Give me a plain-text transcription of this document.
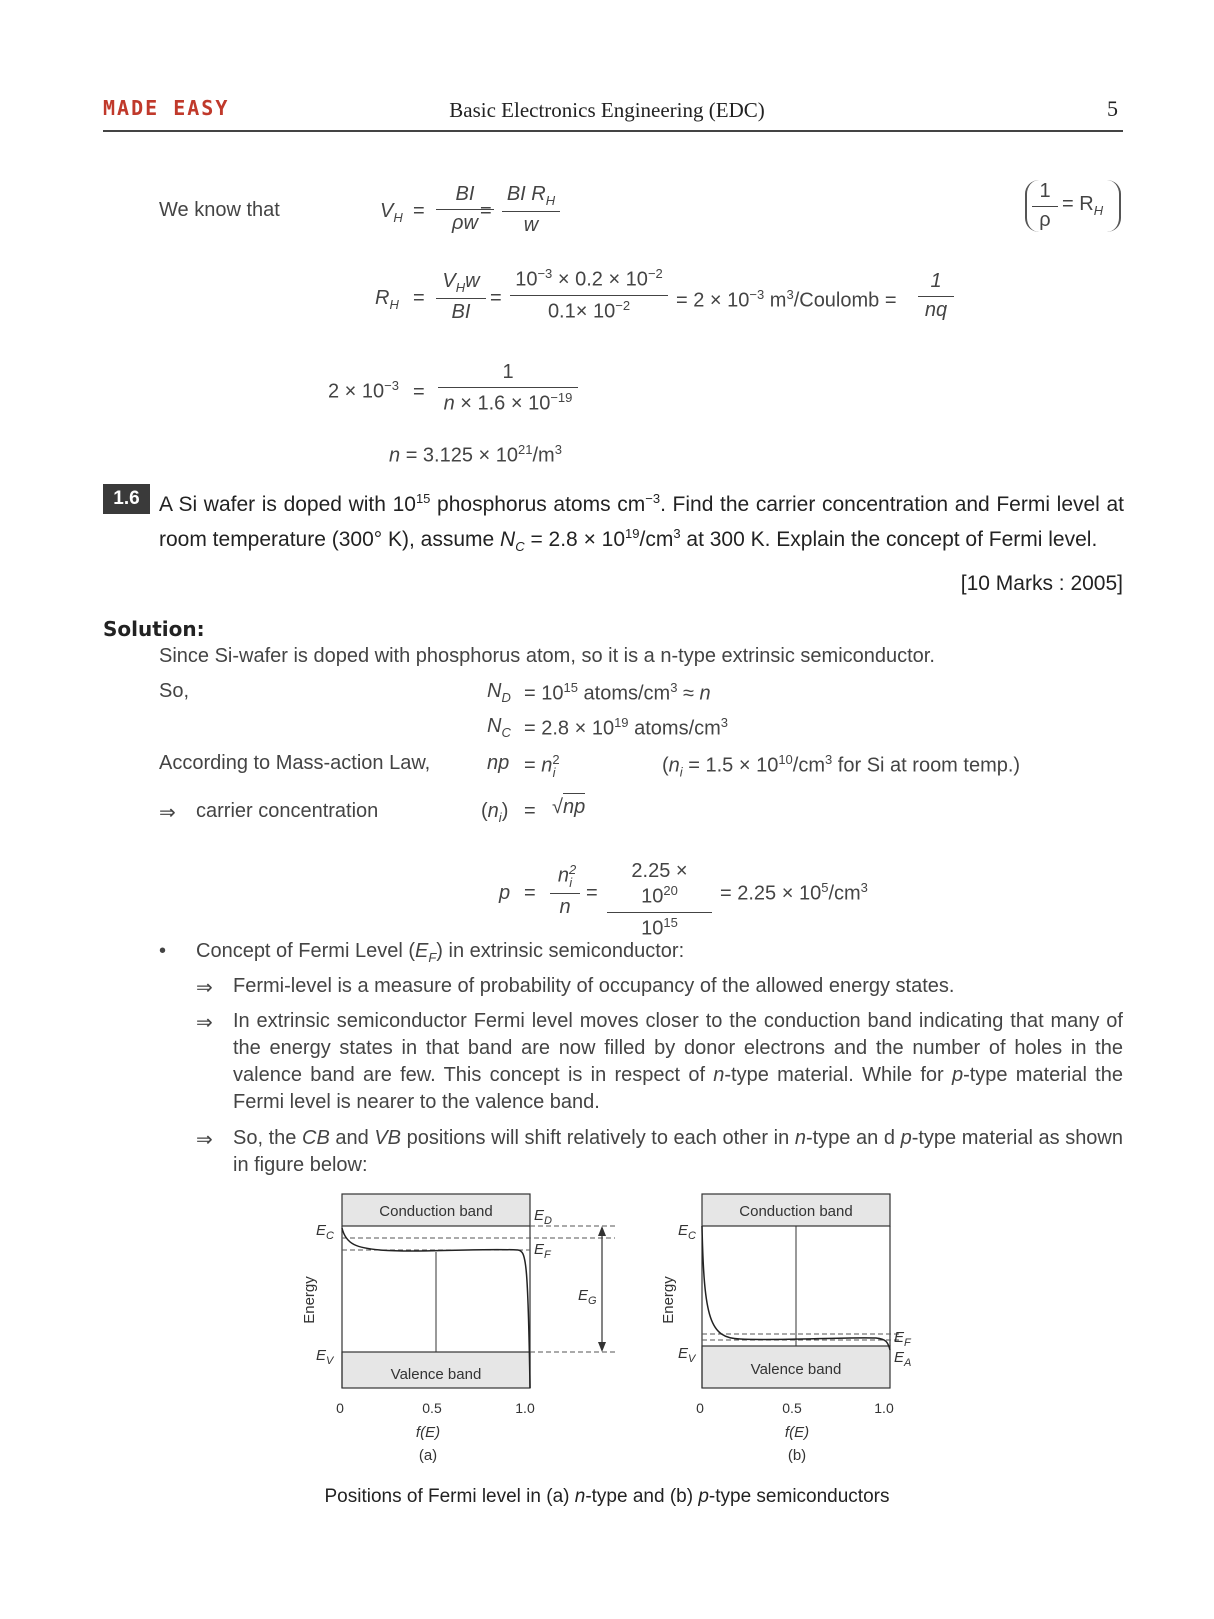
MADE EASY	Basic Electronics Engineering (EDC)	5
We know that	$V_H = \frac{BI}{\rho w}$
= $\frac{BI R_H}{w}$	$\frac{1}{\rho} = R_H$
$R_H$ =
$V_Hw$
BI
= $\frac{10^{-3} \times 0.2 \times 10^{-2}}{0.1\times 10^{-2}} = 2 \times 10^{-3}$ $m^3$/Coulomb = $\frac{1}{nq}$
$2 \times 10^{-3} = \frac{1}{n \times 1.6 \times 10^{-19}}$
$n = 3.125 \times 10^{21}/m^3$
1.6 A Si wafer is doped with $10^{15}$ phosphorus atoms $cm^{-3}$. Find the carrier concentration and Fermi level at room temperature (300° K), assume $N_C = 2.8 \times 10^{19}/cm^3$ at 300 K. Explain the concept of Fermi level.
[10 Marks : 2005]
Solution:
Since Si-wafer is doped with phosphorus atom, so it is a n-type extrinsic semiconductor.
So,	$N_D = 10^{15}$ atoms/$cm^3 \approx n$
$N_C = 2.8 \times 10^{19}$ atoms/$cm^3$
According to Mass-action Law,	np = $n^2_i$	($n_i = 1.5 \times 10^{10}/cm^3$ for Si at room temp.)
⇒ carrier concentration	$(n_i) = √np$
$p = \frac{n^2_i}{n} = \frac{2.25 \times 10^{20}}{10^{15}} = 2.25 \times 10^5/cm^3$
• Concept of Fermi Level $(E_F)$ in extrinsic semiconductor:
⇒ Fermi-level is a measure of probability of occupancy of the allowed energy states.
⇒ In extrinsic semiconductor Fermi level moves closer to the conduction band indicating that many of the energy states in that band are now filled by donor electrons and the number of holes in the valence band are few. This concept is in respect of n-type material. While for p-type material the Fermi level is nearer to the valence band.
⇒ So, the CB and VB positions will shift relatively to each other in n-type an d p-type material as shown in figure below:
Conduction band
Valence band
$E_C$
$E_V$
$E_D$
$E_F$
$E_G$
Energy
0	0.5	1.0
f(E)
(a)
Conduction band
Valence band
$E_C$
$E_V$
$E_F$
$E_A$
Energy
0	0.5	1.0
f(E)
(b)
Positions of Fermi level in (a) n-type and (b) p-type semiconductors
